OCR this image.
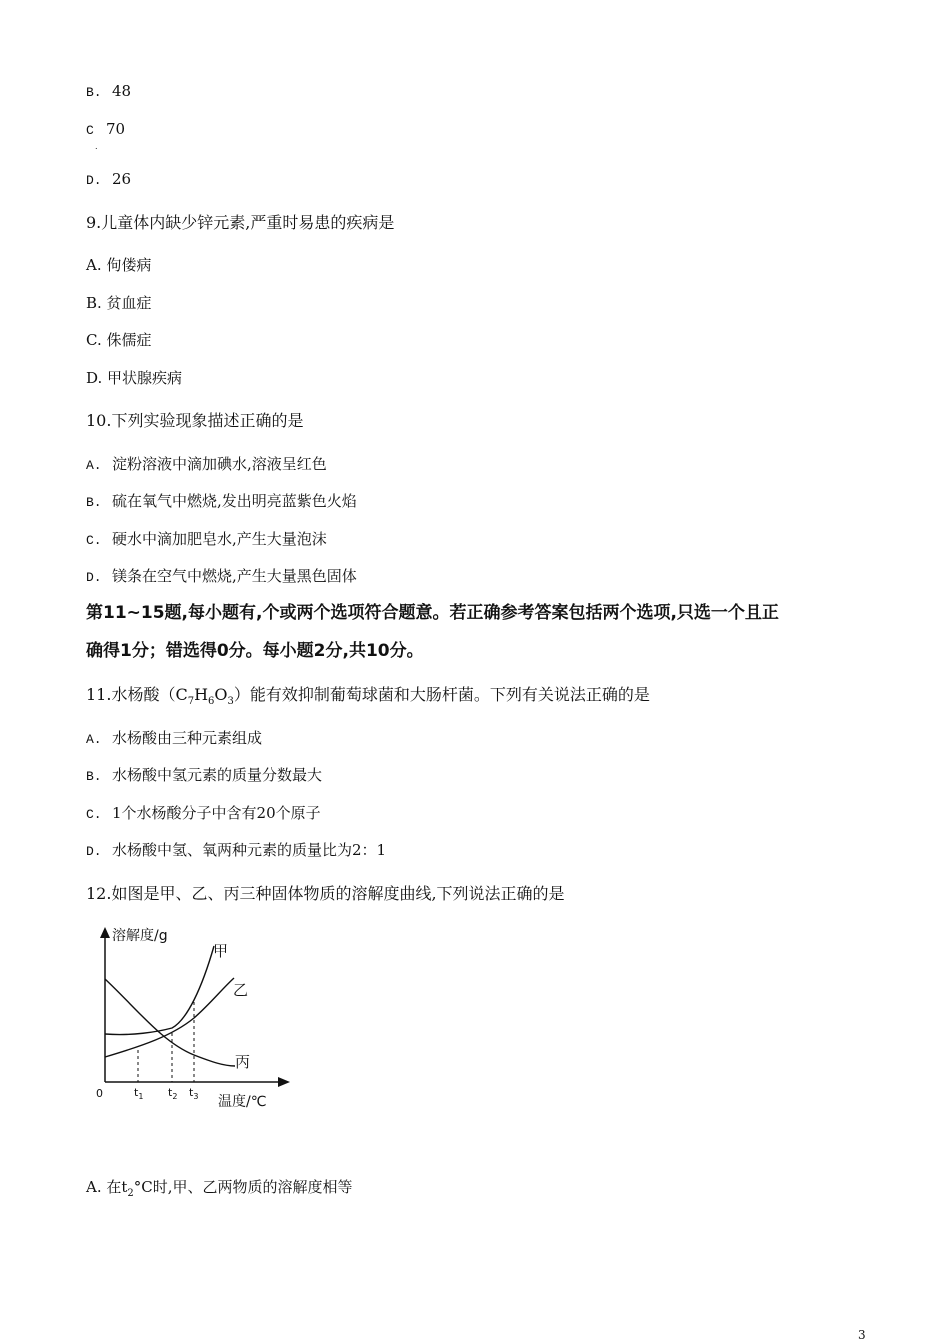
B. 48
C 70
.
D. 26
9.儿童体内缺少锌元素,严重时易患的疾病是
A. 佝偻病
B. 贫血症
C. 侏儒症
D. 甲状腺疾病
10.下列实验现象描述正确的是
A. 淀粉溶液中滴加碘水,溶液呈红色
B. 硫在氧气中燃烧,发出明亮蓝紫色火焰
C. 硬水中滴加肥皂水,产生大量泡沫
D. 镁条在空气中燃烧,产生大量黑色固体
第11~15题,每小题有,个或两个选项符合题意。若正确参考答案包括两个选项,只选一个且正
确得1分；错选得0分。每小题2分,共10分。
11.水杨酸$(C_7H_6O_3)$能有效抑制葡萄球菌和大肠杆菌。下列有关说法正确的是
A. 水杨酸由三种元素组成
B. 水杨酸中氢元素的质量分数最大
C. 1个水杨酸分子中含有20个原子
D. 水杨酸中氢、氧两种元素的质量比为2：1
12.如图是甲、乙、丙三种固体物质的溶解度曲线,下列说法正确的是
溶解度/g
温度/℃
0	$t_1$ $t_2$ $t_3$
甲
乙
丙
A. 在$t_2^\circ C$时,甲、乙两物质的溶解度相等
3
